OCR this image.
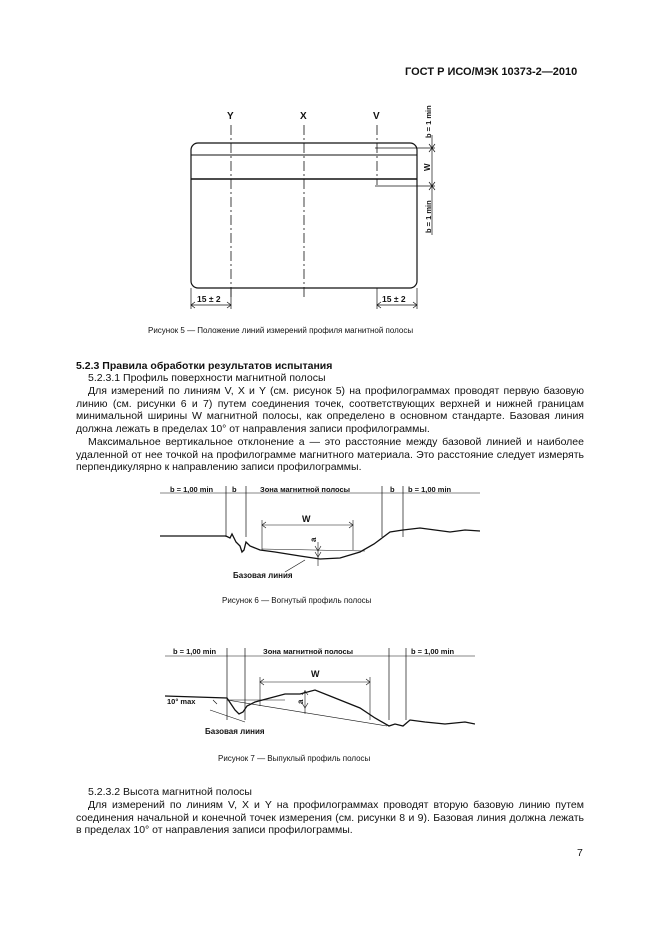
ГОСТ Р ИСО/МЭК 10373-2—2010
Y	X	V
15 ± 2	15 ± 2
b = 1 min
W
b = 1 min
Рисунок 5 — Положение линий измерений профиля магнитной полосы
5.2.3 Правила обработки результатов испытания
5.2.3.1 Профиль поверхности магнитной полосы
Для измерений по линиям V, X и Y (см. рисунок 5) на профилограммах проводят первую базовую линию (см. рисунки 6 и 7) путем соединения точек, соответствующих верхней и нижней границам минимальной ширины W магнитной полосы, как определено в основном стандарте. Базовая линия должна лежать в пределах 10° от направления записи профилограммы.
Максимальное вертикальное отклонение a — это расстояние между базовой линией и наиболее удаленной от нее точкой на профилограмме магнитного материала. Это расстояние следует измерять перпендикулярно к направлению записи профилограммы.
b = 1,00 min	b	Зона магнитной полосы	b b = 1,00 min
W
a
Базовая линия
Рисунок 6 — Вогнутый профиль полосы
b = 1,00 min	Зона магнитной полосы	b = 1,00 min
W
a
10° max
Базовая линия
Рисунок 7 — Выпуклый профиль полосы
5.2.3.2 Высота магнитной полосы
Для измерений по линиям V, X и Y на профилограммах проводят вторую базовую линию путем соединения начальной и конечной точек измерения (см. рисунки 8 и 9). Базовая линия должна лежать в пределах 10° от направления записи профилограммы.
7
